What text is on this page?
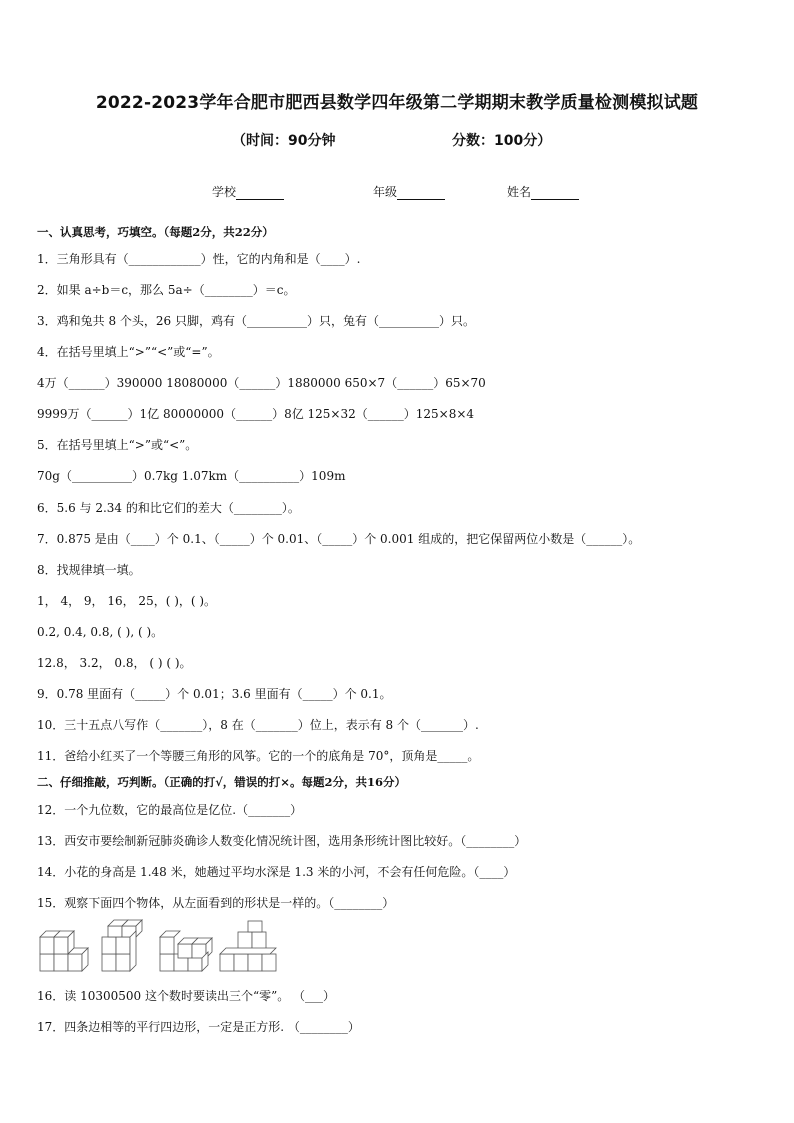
2022-2023学年合肥市肥西县数学四年级第二学期期末教学质量检测模拟试题
（时间：90分钟	分数：100分）
学校	年级	姓名
一、认真思考，巧填空。（每题2分，共22分）
1．三角形具有（____________）性，它的内角和是（____）.
2．如果 a÷b＝c，那么 5a÷（________）＝c。
3．鸡和兔共 8 个头，26 只脚，鸡有（__________）只，兔有（__________）只。
4．在括号里填上“>”“<”或“=”。
4万（______）390000 18080000（______）1880000 650×7（______）65×70
9999万（______）1亿 80000000（______）8亿 125×32（______）125×8×4
5．在括号里填上“>”或“<”。
70g（__________）0.7kg 1.07km（__________）109m
6．5.6 与 2.34 的和比它们的差大（________）。
7．0.875 是由（____）个 0.1、（_____）个 0.01、（_____）个 0.001 组成的，把它保留两位小数是（______）。
8．找规律填一填。
1， 4， 9， 16， 25，( )，( )。
0.2, 0.4, 0.8, ( ), ( )。
12.8， 3.2， 0.8， ( ) ( )。
9．0.78 里面有（_____）个 0.01；3.6 里面有（_____）个 0.1。
10．三十五点八写作（_______），8 在（_______）位上，表示有 8 个（_______）.
11．爸给小红买了一个等腰三角形的风筝。它的一个的底角是 70°，顶角是_____。
二、仔细推敲，巧判断。（正确的打√，错误的打×。每题2分，共16分）
12．一个九位数，它的最高位是亿位.（_______）
13．西安市要绘制新冠肺炎确诊人数变化情况统计图，选用条形统计图比较好。（________）
14．小花的身高是 1.48 米，她趟过平均水深是 1.3 米的小河，不会有任何危险。（____）
15．观察下面四个物体，从左面看到的形状是一样的。（________）
16．读 10300500 这个数时要读出三个“零”。 （___）
17．四条边相等的平行四边形，一定是正方形. （________）
